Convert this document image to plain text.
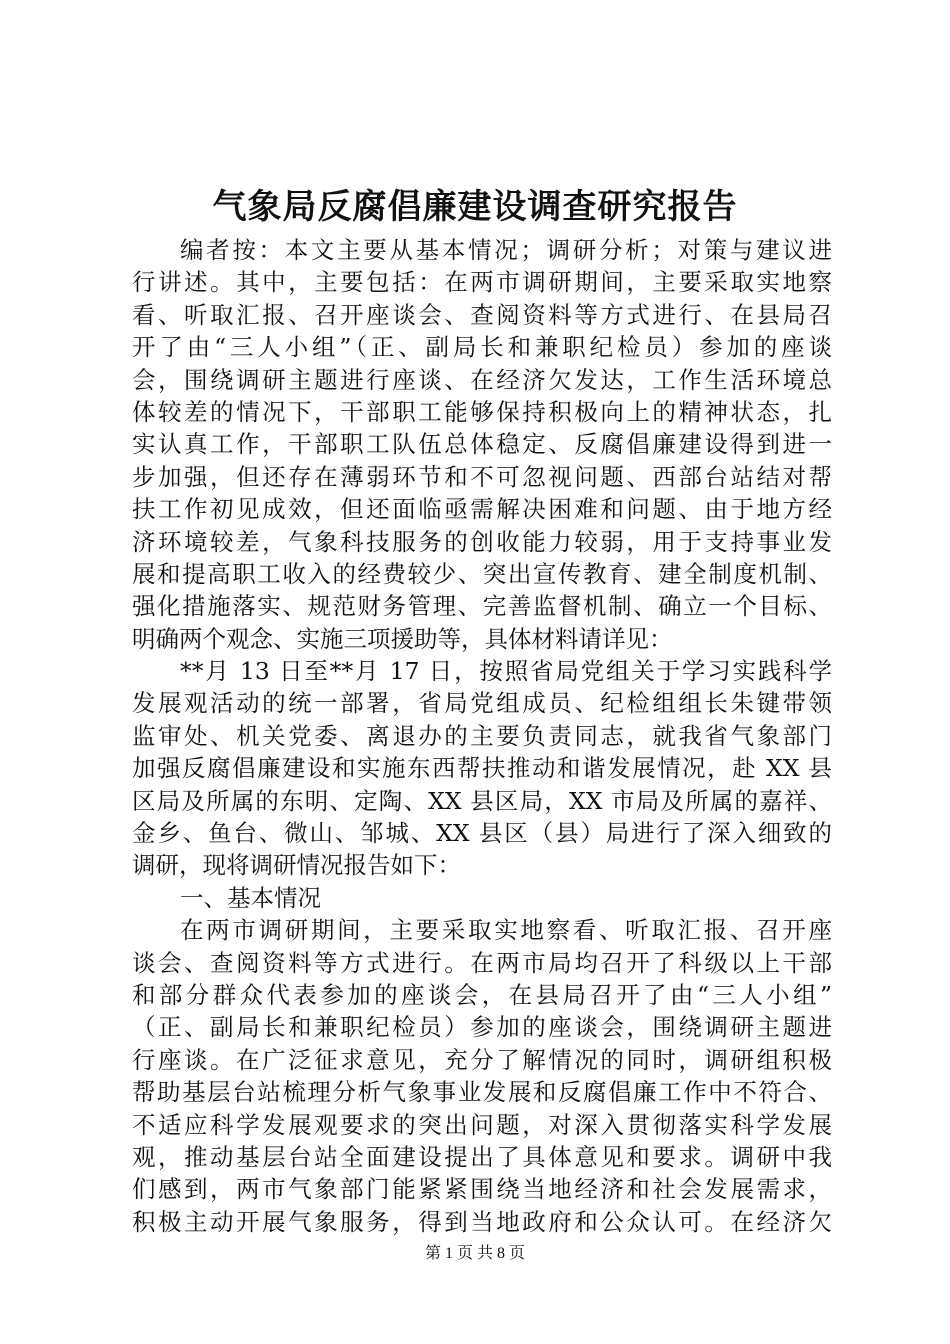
气象局反腐倡廉建设调查研究报告
编者按：本文主要从基本情况；调研分析；对策与建议进
行讲述。其中，主要包括：在两市调研期间，主要采取实地察
看、听取汇报、召开座谈会、查阅资料等方式进行、在县局召
开了由“三人小组”（正、副局长和兼职纪检员）参加的座谈
会，围绕调研主题进行座谈、在经济欠发达，工作生活环境总
体较差的情况下，干部职工能够保持积极向上的精神状态，扎
实认真工作，干部职工队伍总体稳定、反腐倡廉建设得到进一
步加强，但还存在薄弱环节和不可忽视问题、西部台站结对帮
扶工作初见成效，但还面临亟需解决困难和问题、由于地方经
济环境较差，气象科技服务的创收能力较弱，用于支持事业发
展和提高职工收入的经费较少、突出宣传教育、建全制度机制、
强化措施落实、规范财务管理、完善监督机制、确立一个目标、
明确两个观念、实施三项援助等，具体材料请详见：
**月 13 日至**月 17 日，按照省局党组关于学习实践科学
发展观活动的统一部署，省局党组成员、纪检组组长朱键带领
监审处、机关党委、离退办的主要负责同志，就我省气象部门
加强反腐倡廉建设和实施东西帮扶推动和谐发展情况，赴 XX 县
区局及所属的东明、定陶、XX 县区局，XX 市局及所属的嘉祥、
金乡、鱼台、微山、邹城、XX 县区（县）局进行了深入细致的
调研，现将调研情况报告如下：
一、基本情况
在两市调研期间，主要采取实地察看、听取汇报、召开座
谈会、查阅资料等方式进行。在两市局均召开了科级以上干部
和部分群众代表参加的座谈会，在县局召开了由“三人小组”
（正、副局长和兼职纪检员）参加的座谈会，围绕调研主题进
行座谈。在广泛征求意见，充分了解情况的同时，调研组积极
帮助基层台站梳理分析气象事业发展和反腐倡廉工作中不符合、
不适应科学发展观要求的突出问题，对深入贯彻落实科学发展
观，推动基层台站全面建设提出了具体意见和要求。调研中我
们感到，两市气象部门能紧紧围绕当地经济和社会发展需求，
积极主动开展气象服务，得到当地政府和公众认可。在经济欠
第 1 页 共 8 页
